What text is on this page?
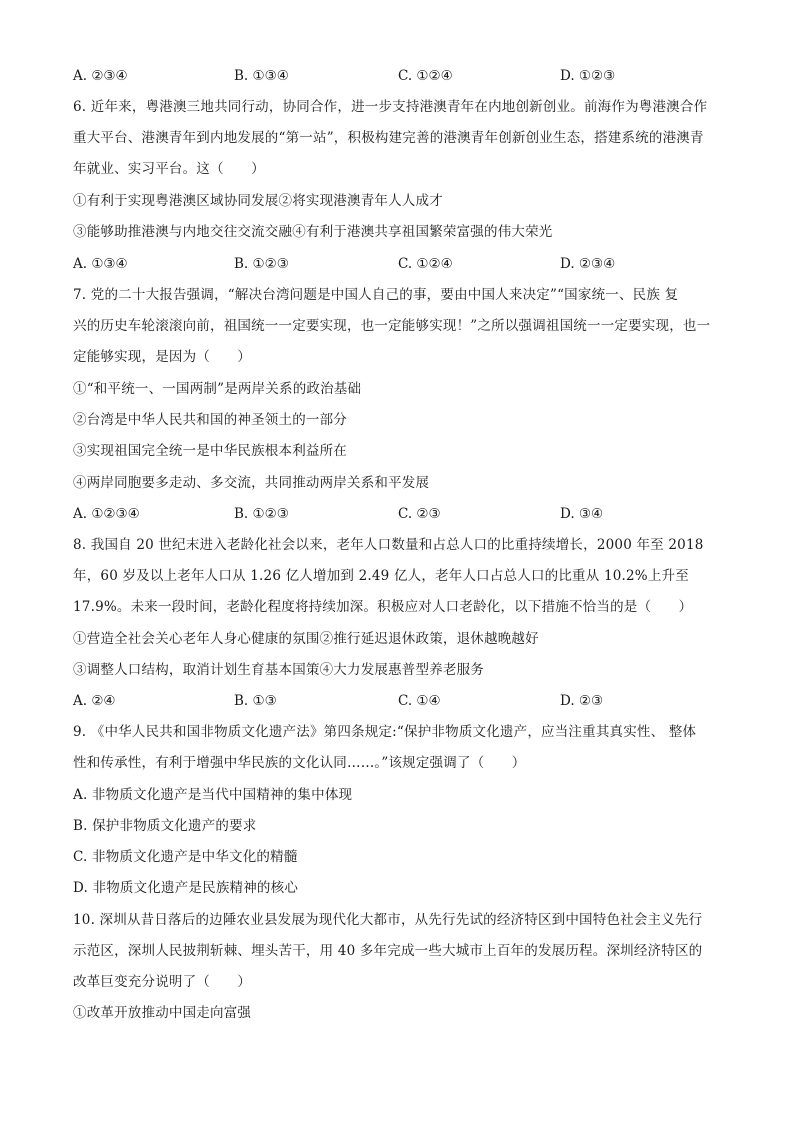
A. ②③④	B. ①③④	C. ①②④	D. ①②③
6. 近年来，粤港澳三地共同行动，协同合作，进一步支持港澳青年在内地创新创业。前海作为粤港澳合作
重大平台、港澳青年到内地发展的“第一站”，积极构建完善的港澳青年创新创业生态，搭建系统的港澳青
年就业、实习平台。这（　　）
①有利于实现粤港澳区域协同发展②将实现港澳青年人人成才
③能够助推港澳与内地交往交流交融④有利于港澳共享祖国繁荣富强的伟大荣光
A. ①③④	B. ①②③	C. ①②④	D. ②③④
7. 党的二十大报告强调，“解决台湾问题是中国人自己的事，要由中国人来决定”“国家统一、民族 复
兴的历史车轮滚滚向前，祖国统一一定要实现，也一定能够实现！”之所以强调祖国统一一定要实现，也一
定能够实现，是因为（　　）
①“和平统一、一国两制”是两岸关系的政治基础
②台湾是中华人民共和国的神圣领土的一部分
③实现祖国完全统一是中华民族根本利益所在
④两岸同胞要多走动、多交流，共同推动两岸关系和平发展
A. ①②③④	B. ①②③	C. ②③	D. ③④
8. 我国自 20 世纪末进入老龄化社会以来，老年人口数量和占总人口的比重持续增长，2000 年至 2018
年，60 岁及以上老年人口从 1.26 亿人增加到 2.49 亿人，老年人口占总人口的比重从 10.2%上升至
17.9%。未来一段时间，老龄化程度将持续加深。积极应对人口老龄化，以下措施不恰当的是（　　）
①营造全社会关心老年人身心健康的氛围②推行延迟退休政策，退休越晚越好
③调整人口结构，取消计划生育基本国策④大力发展惠普型养老服务
A. ②④	B. ①③	C. ①④	D. ②③
9. 《中华人民共和国非物质文化遗产法》第四条规定:“保护非物质文化遗产，应当注重其真实性、 整体
性和传承性，有利于增强中华民族的文化认同……。”该规定强调了（　　）
A. 非物质文化遗产是当代中国精神的集中体现
B. 保护非物质文化遗产的要求
C. 非物质文化遗产是中华文化的精髓
D. 非物质文化遗产是民族精神的核心
10. 深圳从昔日落后的边陲农业县发展为现代化大都市，从先行先试的经济特区到中国特色社会主义先行
示范区，深圳人民披荆斩棘、埋头苦干，用 40 多年完成一些大城市上百年的发展历程。深圳经济特区的
改革巨变充分说明了（　　）
①改革开放推动中国走向富强
